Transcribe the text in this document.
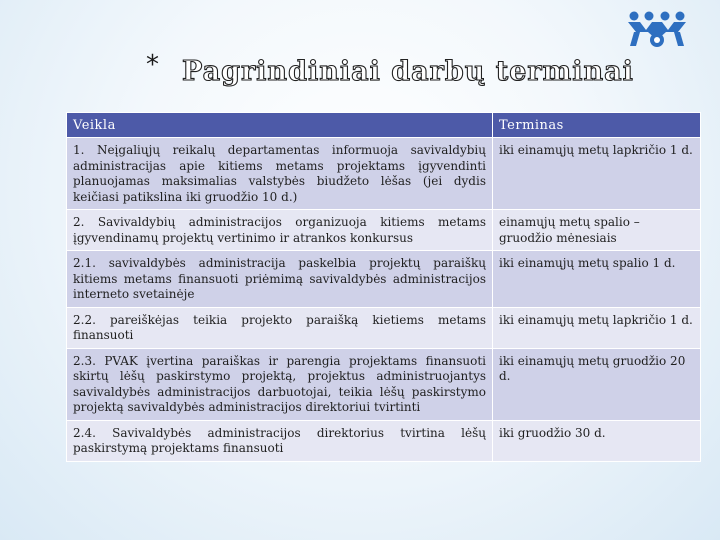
* Pagrindiniai darbų terminai
Veikla	Terminas
1. Neįgaliųjų reikalų departamentas informuoja savivaldybių administracijas apie kitiems metams projektams įgyvendinti planuojamas maksimalias valstybės biudžeto lėšas (jei dydis keičiasi patikslina iki gruodžio 10 d.)	iki einamųjų metų lapkričio 1 d.
2. Savivaldybių administracijos organizuoja kitiems metams įgyvendinamų projektų vertinimo ir atrankos konkursus	einamųjų metų spalio – gruodžio mėnesiais
2.1. savivaldybės administracija paskelbia projektų paraiškų kitiems metams finansuoti priėmimą savivaldybės administracijos interneto svetainėje	iki einamųjų metų spalio 1 d.
2.2. pareiškėjas teikia projekto paraišką kietiems metams finansuoti	iki einamųjų metų lapkričio 1 d.
2.3. PVAK įvertina paraiškas ir parengia projektams finansuoti skirtų lėšų paskirstymo projektą, projektus administruojantys savivaldybės administracijos darbuotojai, teikia lėšų paskirstymo projektą savivaldybės administracijos direktoriui tvirtinti	iki einamųjų metų gruodžio 20 d.
2.4. Savivaldybės administracijos direktorius tvirtina lėšų paskirstymą projektams finansuoti	iki gruodžio 30 d.
